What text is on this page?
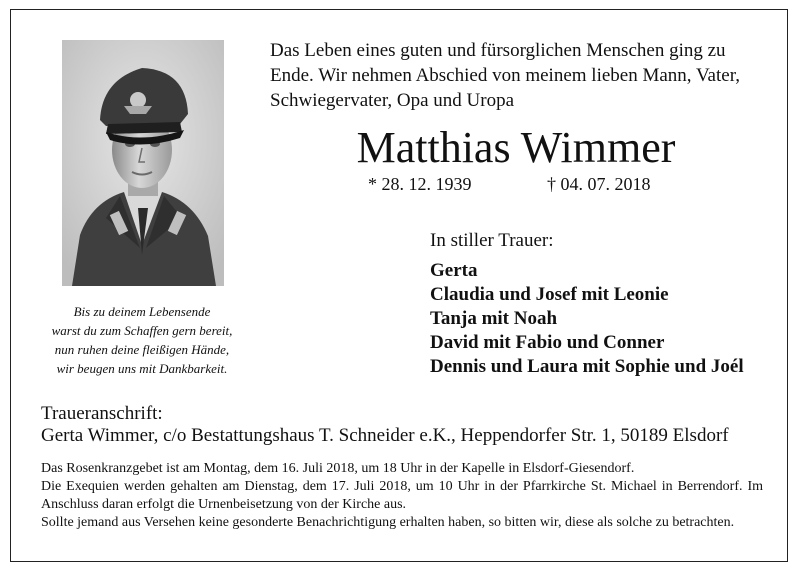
Bis zu deinem Lebensende
warst du zum Schaffen gern bereit,
nun ruhen deine fleißigen Hände,
wir beugen uns mit Dankbarkeit.
Das Leben eines guten und fürsorglichen Menschen ging zu
Ende. Wir nehmen Abschied von meinem lieben Mann, Vater,
Schwiegervater, Opa und Uropa
Matthias Wimmer
* 28. 12. 1939	† 04. 07. 2018
In stiller Trauer:
Gerta
Claudia und Josef mit Leonie
Tanja mit Noah
David mit Fabio und Conner
Dennis und Laura mit Sophie und Joél
Traueranschrift:
Gerta Wimmer, c/o Bestattungshaus T. Schneider e.K., Heppendorfer Str. 1, 50189 Elsdorf

Das Rosenkranzgebet ist am Montag, dem 16. Juli 2018, um 18 Uhr in der Kapelle in Elsdorf-Giesendorf.

Die Exequien werden gehalten am Dienstag, dem 17. Juli 2018, um 10 Uhr in der Pfarrkirche St. Michael in Berrendorf. Im Anschluss daran erfolgt die Urnenbeisetzung von der Kirche aus.

Sollte jemand aus Versehen keine gesonderte Benachrichtigung erhalten haben, so bitten wir, diese als solche zu betrachten.
